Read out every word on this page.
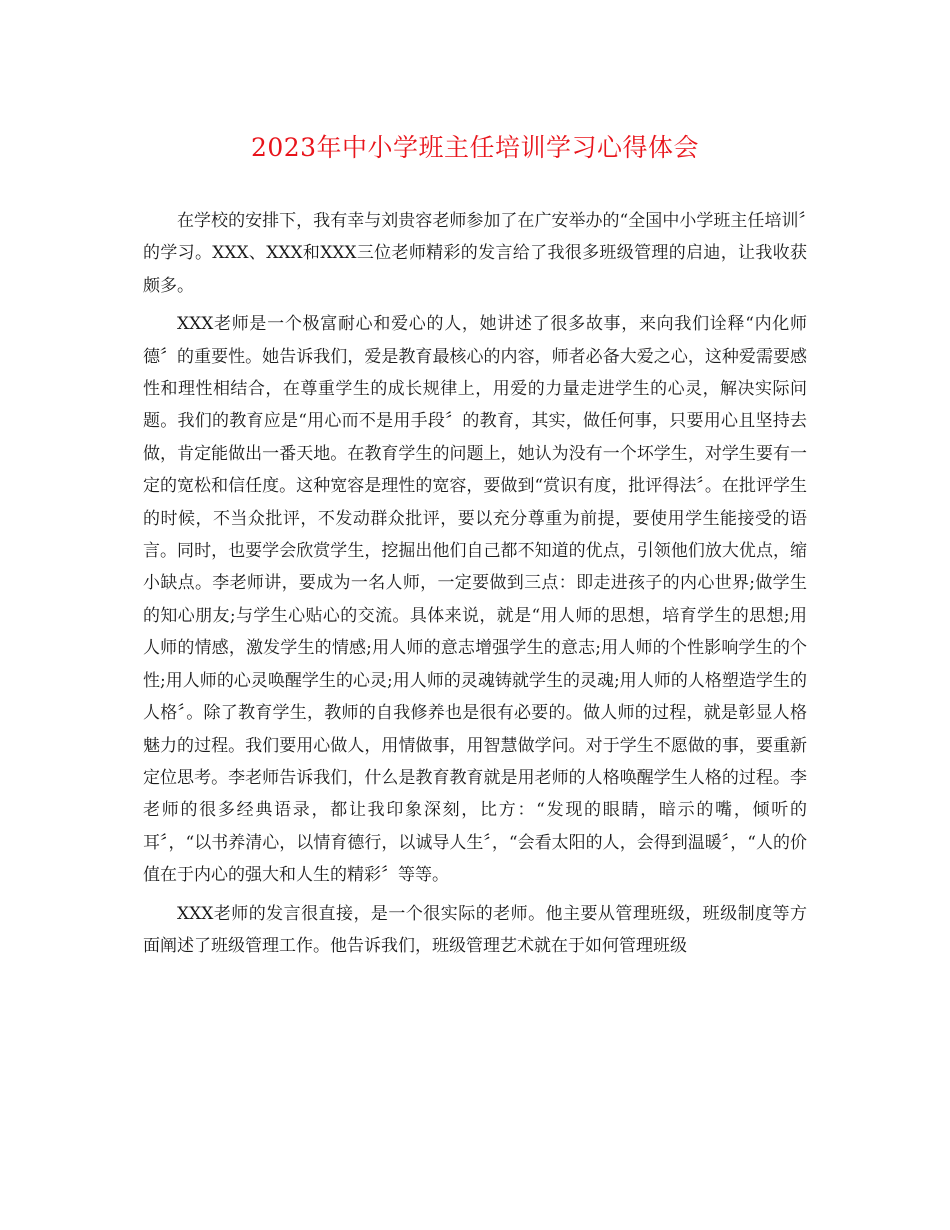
2023年中小学班主任培训学习心得体会

在学校的安排下，我有幸与刘贵容老师参加了在广安举办的“全国中小学班主任培训〞的学习。XXX、XXX和XXX三位老师精彩的发言给了我很多班级管理的启迪，让我收获颇多。

XXX老师是一个极富耐心和爱心的人，她讲述了很多故事，来向我们诠释“内化师德〞的重要性。她告诉我们，爱是教育最核心的内容，师者必备大爱之心，这种爱需要感性和理性相结合，在尊重学生的成长规律上，用爱的力量走进学生的心灵，解决实际问题。我们的教育应是“用心而不是用手段〞的教育，其实，做任何事，只要用心且坚持去做，肯定能做出一番天地。在教育学生的问题上，她认为没有一个坏学生，对学生要有一定的宽松和信任度。这种宽容是理性的宽容，要做到“赏识有度，批评得法〞。在批评学生的时候，不当众批评，不发动群众批评，要以充分尊重为前提，要使用学生能接受的语言。同时，也要学会欣赏学生，挖掘出他们自己都不知道的优点，引领他们放大优点，缩小缺点。李老师讲，要成为一名人师，一定要做到三点：即走进孩子的内心世界;做学生的知心朋友;与学生心贴心的交流。具体来说，就是“用人师的思想，培育学生的思想;用人师的情感，激发学生的情感;用人师的意志增强学生的意志;用人师的个性影响学生的个性;用人师的心灵唤醒学生的心灵;用人师的灵魂铸就学生的灵魂;用人师的人格塑造学生的人格〞。除了教育学生，教师的自我修养也是很有必要的。做人师的过程，就是彰显人格魅力的过程。我们要用心做人，用情做事，用智慧做学问。对于学生不愿做的事，要重新定位思考。李老师告诉我们，什么是教育教育就是用老师的人格唤醒学生人格的过程。李老师的很多经典语录，都让我印象深刻，比方：“发现的眼睛，暗示的嘴，倾听的耳〞，“以书养清心，以情育德行，以诚导人生〞，“会看太阳的人，会得到温暖〞，“人的价值在于内心的强大和人生的精彩〞等等。

XXX老师的发言很直接，是一个很实际的老师。他主要从管理班级，班级制度等方面阐述了班级管理工作。他告诉我们，班级管理艺术就在于如何管理班级
